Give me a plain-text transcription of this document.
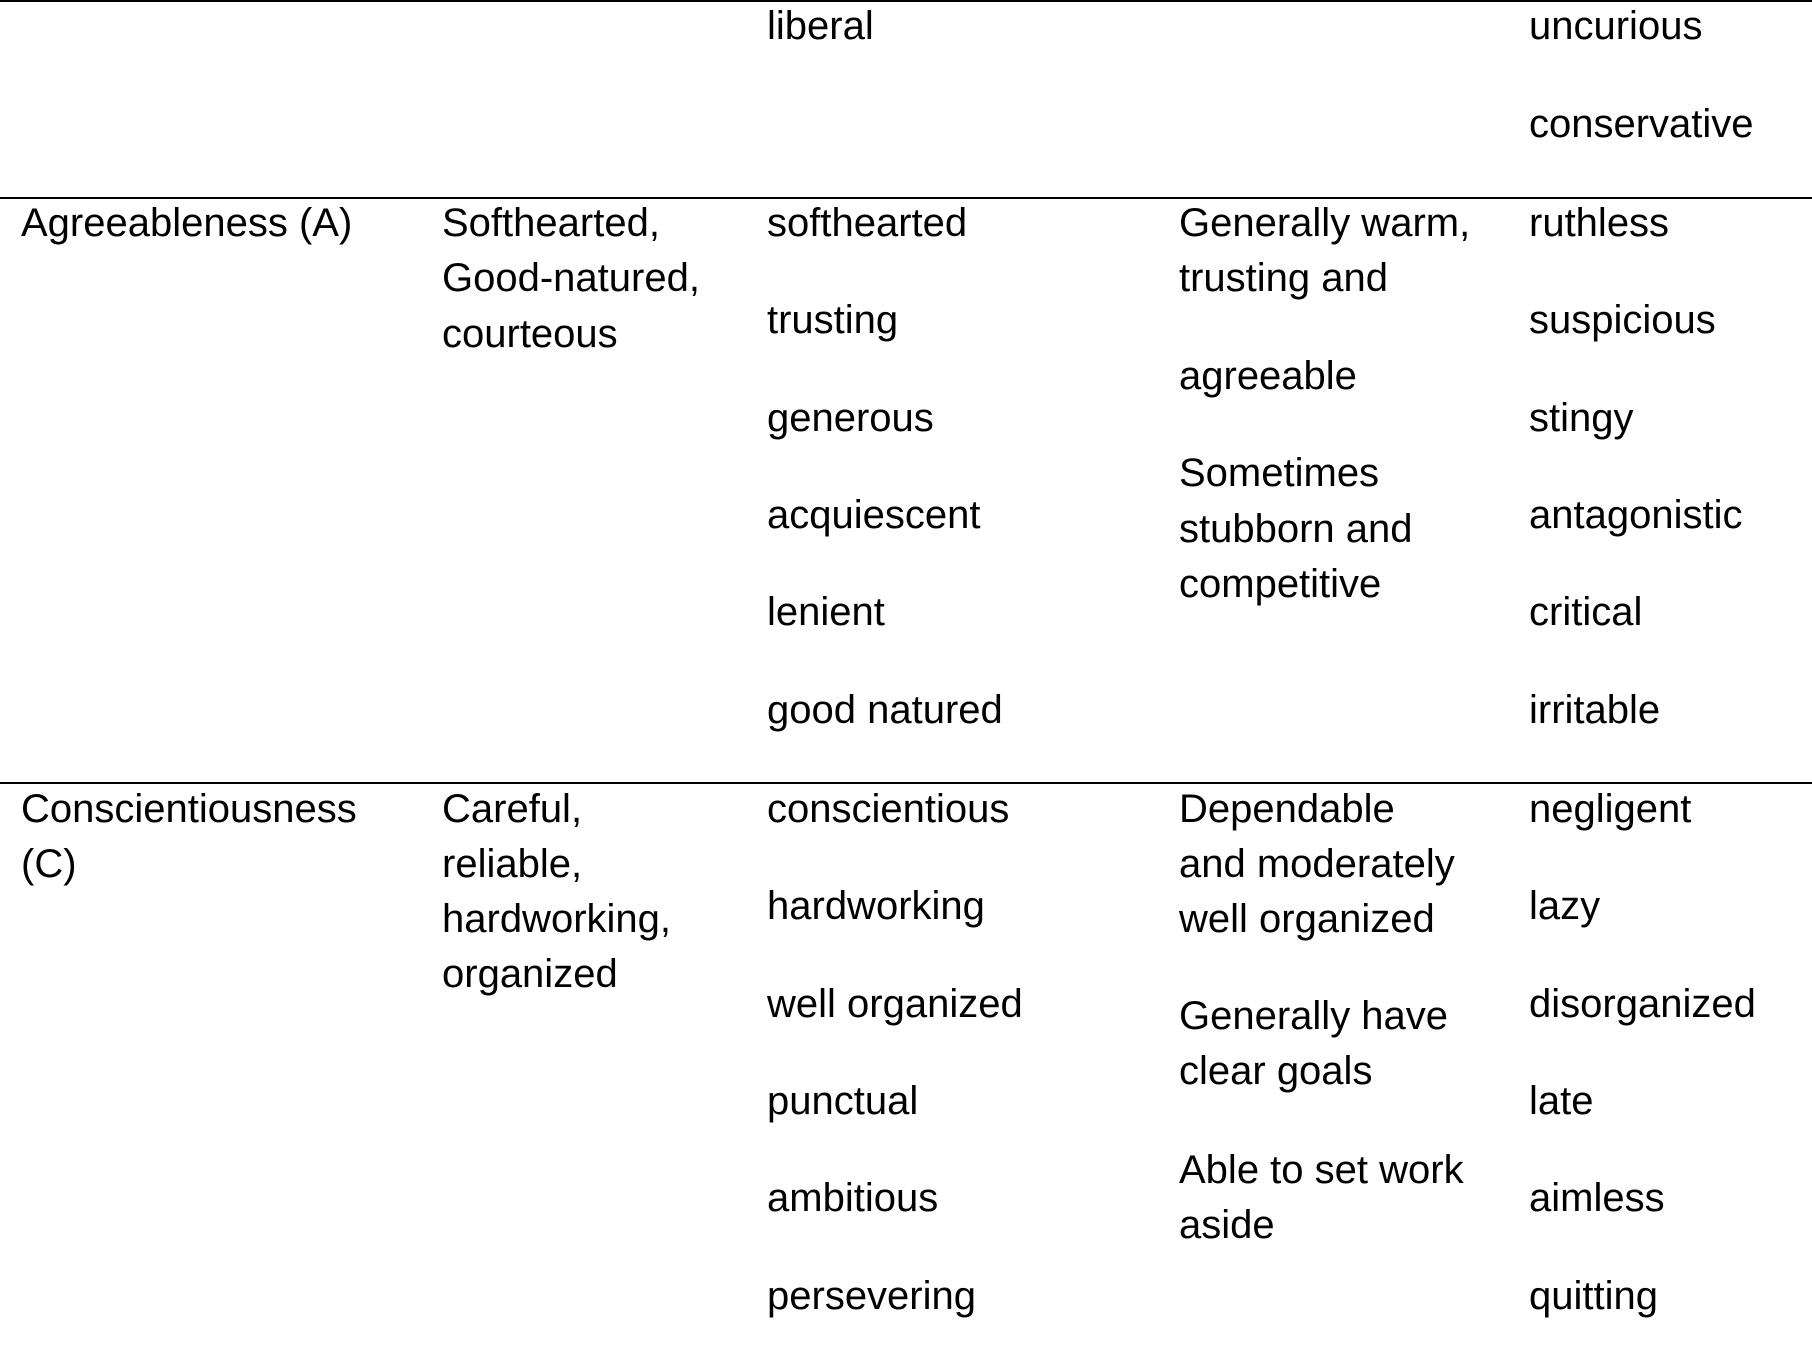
liberal	uncurious
conservative
Agreeableness (A) Softhearted,
Good-natured,
courteous
softhearted
trusting
generous
acquiescent
lenient
good natured
Generally warm,
trusting and
agreeable
Sometimes
stubborn and
competitive
ruthless
suspicious
stingy
antagonistic
critical
irritable
Conscientiousness
(C)
Careful,
reliable,
hardworking,
organized
conscientious
hardworking
well organized
punctual
ambitious
persevering
Dependable
and moderately
well organized
Generally have
clear goals
Able to set work
aside
negligent
lazy
disorganized
late
aimless
quitting
